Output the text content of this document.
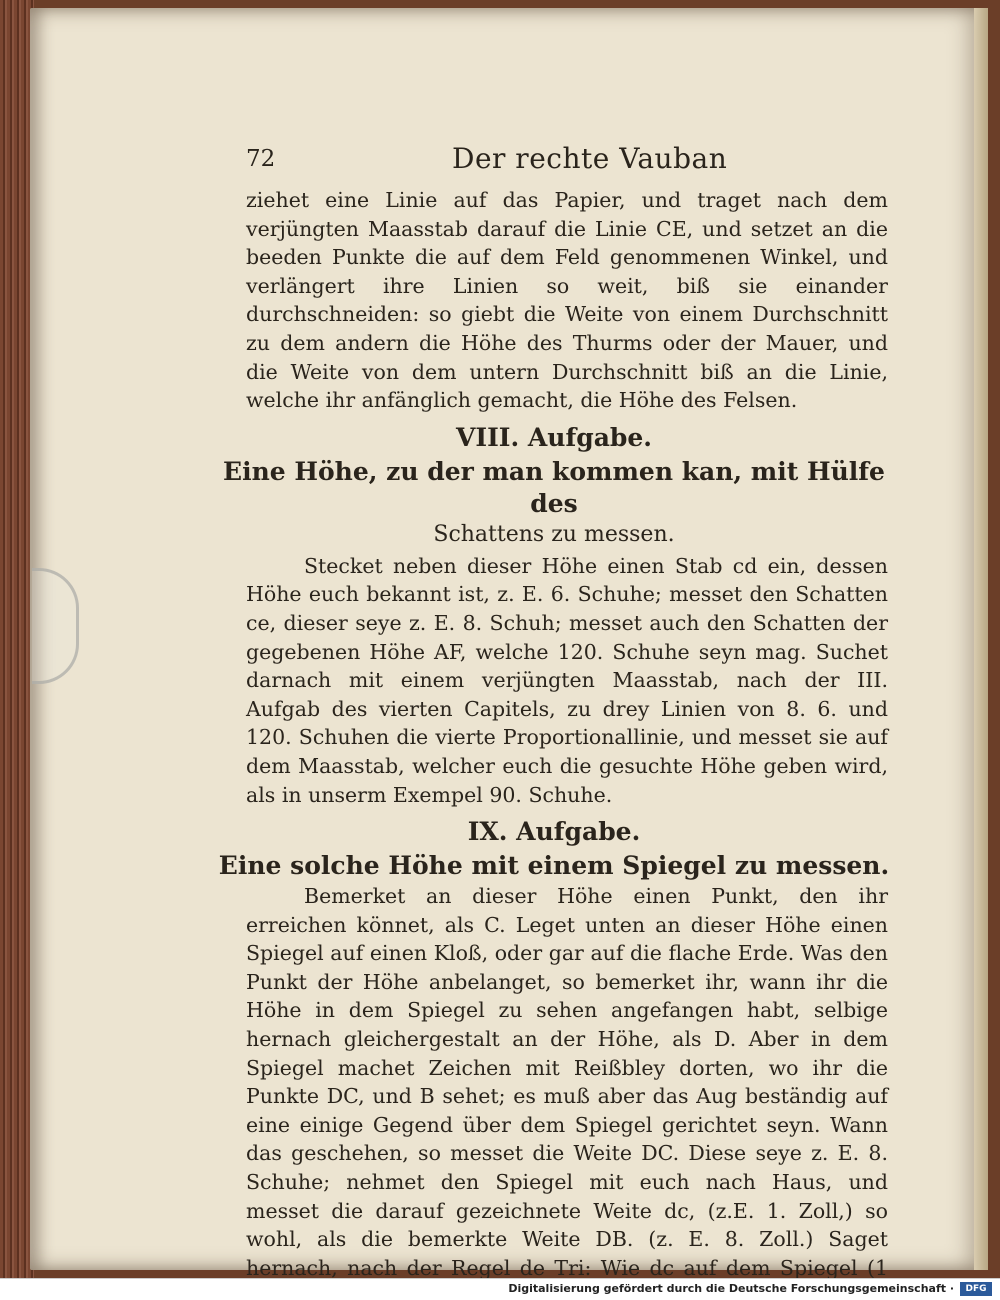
72	Der rechte Vauban

ziehet eine Linie auf das Papier, und traget nach dem verjüngten Maasstab darauf die Linie CE, und setzet an die beeden Punkte die auf dem Feld genommenen Winkel, und verlängert ihre Linien so weit, biß sie einander durchschneiden: so giebt die Weite von einem Durchschnitt zu dem andern die Höhe des Thurms oder der Mauer, und die Weite von dem untern Durchschnitt biß an die Linie, welche ihr anfänglich gemacht, die Höhe des Felsen.

VIII. Aufgabe.

Eine Höhe, zu der man kommen kan, mit Hülfe des

Schattens zu messen.

Stecket neben dieser Höhe einen Stab cd ein, dessen Höhe euch bekannt ist, z. E. 6. Schuhe; messet den Schatten ce, dieser seye z. E. 8. Schuh; messet auch den Schatten der gegebenen Höhe AF, welche 120. Schuhe seyn mag. Suchet darnach mit einem verjüngten Maasstab, nach der III. Aufgab des vierten Capitels, zu drey Linien von 8. 6. und 120. Schuhen die vierte Proportionallinie, und messet sie auf dem Maasstab, welcher euch die gesuchte Höhe geben wird, als in unserm Exempel 90. Schuhe.

IX. Aufgabe.

Eine solche Höhe mit einem Spiegel zu messen.

Bemerket an dieser Höhe einen Punkt, den ihr erreichen könnet, als C. Leget unten an dieser Höhe einen Spiegel auf einen Kloß, oder gar auf die flache Erde. Was den Punkt der Höhe anbelanget, so bemerket ihr, wann ihr die Höhe in dem Spiegel zu sehen angefangen habt, selbige hernach gleichergestalt an der Höhe, als D. Aber in dem Spiegel machet Zeichen mit Reißbley dorten, wo ihr die Punkte DC, und B sehet; es muß aber das Aug beständig auf eine einige Gegend über dem Spiegel gerichtet seyn. Wann das geschehen, so messet die Weite DC. Diese seye z. E. 8. Schuhe; nehmet den Spiegel mit euch nach Haus, und messet die darauf gezeichnete Weite dc, (z.E. 1. Zoll,) so wohl, als die bemerkte Weite DB. (z. E. 8. Zoll.) Saget hernach, nach der Regel de Tri: Wie dc auf dem Spiegel (1

Digitalisierung gefördert durch die Deutsche Forschungsgemeinschaft ·	DFG
